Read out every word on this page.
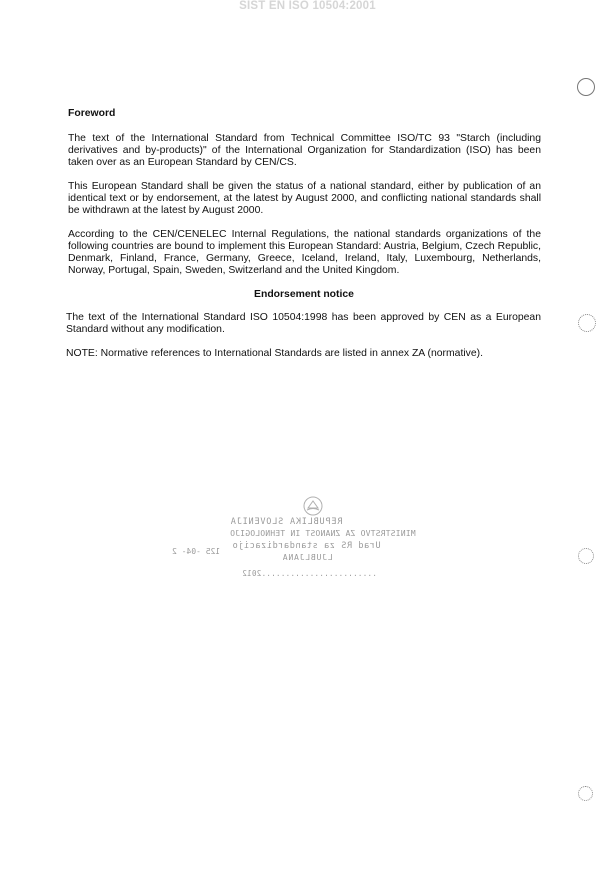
SIST EN ISO 10504:2001
Foreword

The text of the International Standard from Technical Committee ISO/TC 93 "Starch (including derivatives and by-products)" of the International Organization for Standardization (ISO) has been taken over as an European Standard by CEN/CS.

This European Standard shall be given the status of a national standard, either by publication of an identical text or by endorsement, at the latest by August 2000, and conflicting national standards shall be withdrawn at the latest by August 2000.

According to the CEN/CENELEC Internal Regulations, the national standards organizations of the following countries are bound to implement this European Standard: Austria, Belgium, Czech Republic, Denmark, Finland, France, Germany, Greece, Iceland, Ireland, Italy, Luxembourg, Netherlands, Norway, Portugal, Spain, Sweden, Switzerland and the United Kingdom.

Endorsement notice

The text of the International Standard ISO 10504:1998 has been approved by CEN as a European Standard without any modification.

NOTE: Normative references to International Standards are listed in annex ZA (normative).

REPUBLIKA SLOVENIJA
MINISTRSTVO ZA ZNANOST IN TEHNOLOGIJO
Urad RS za standardizacijo
LJUBLJANA
........................2012
125 -04- 2
